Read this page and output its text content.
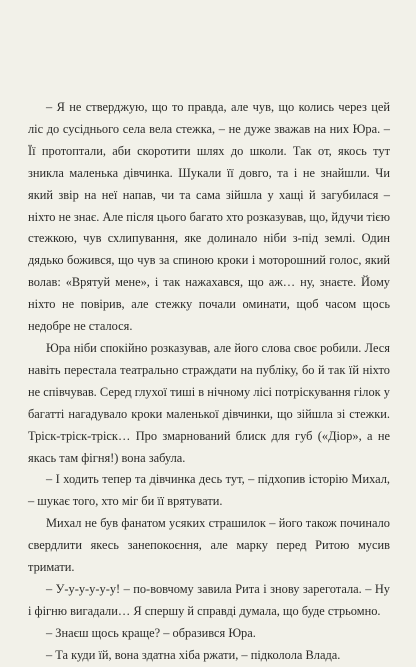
– Я не стверджую, що то правда, але чув, що колись через цей ліс до сусіднього села вела стежка, – не дуже зважав на них Юра. – Її протоптали, аби скоротити шлях до школи. Так от, якось тут зникла маленька дівчинка. Шукали її довго, та і не знайшли. Чи який звір на неї напав, чи та сама зійшла у хащі й загубилася – ніхто не знає. Але після цього багато хто розказував, що, йдучи тією стежкою, чув схлипування, яке долинало ніби з-під землі. Один дядько божився, що чув за спиною кроки і моторошний голос, який волав: «Врятуй мене», і так нажахався, що аж… ну, знаєте. Йому ніхто не повірив, але стежку почали оминати, щоб часом щось недобре не сталося.

Юра ніби спокійно розказував, але його слова своє робили. Леся навіть перестала театрально страждати на публіку, бо й так їй ніхто не співчував. Серед глухої тиші в нічному лісі потріскування гілок у багатті нагадувало кроки маленької дівчинки, що зійшла зі стежки. Тріск-тріск-тріск… Про змарнований блиск для губ («Діор», а не якась там фігня!) вона забула.

– І ходить тепер та дівчинка десь тут, – підхопив історію Михал, – шукає того, хто міг би її врятувати.

Михал не був фанатом усяких страшилок – його також починало свердлити якесь занепокоєння, але марку перед Ритою мусив тримати.

– У-у-у-у-у-у! – по-вовчому завила Рита і знову зареготала. – Ну і фігню вигадали… Я спершу й справді думала, що буде стрьомно.

– Знаєш щось краще? – образився Юра.

– Та куди їй, вона здатна хіба ржати, – підколола Влада.
